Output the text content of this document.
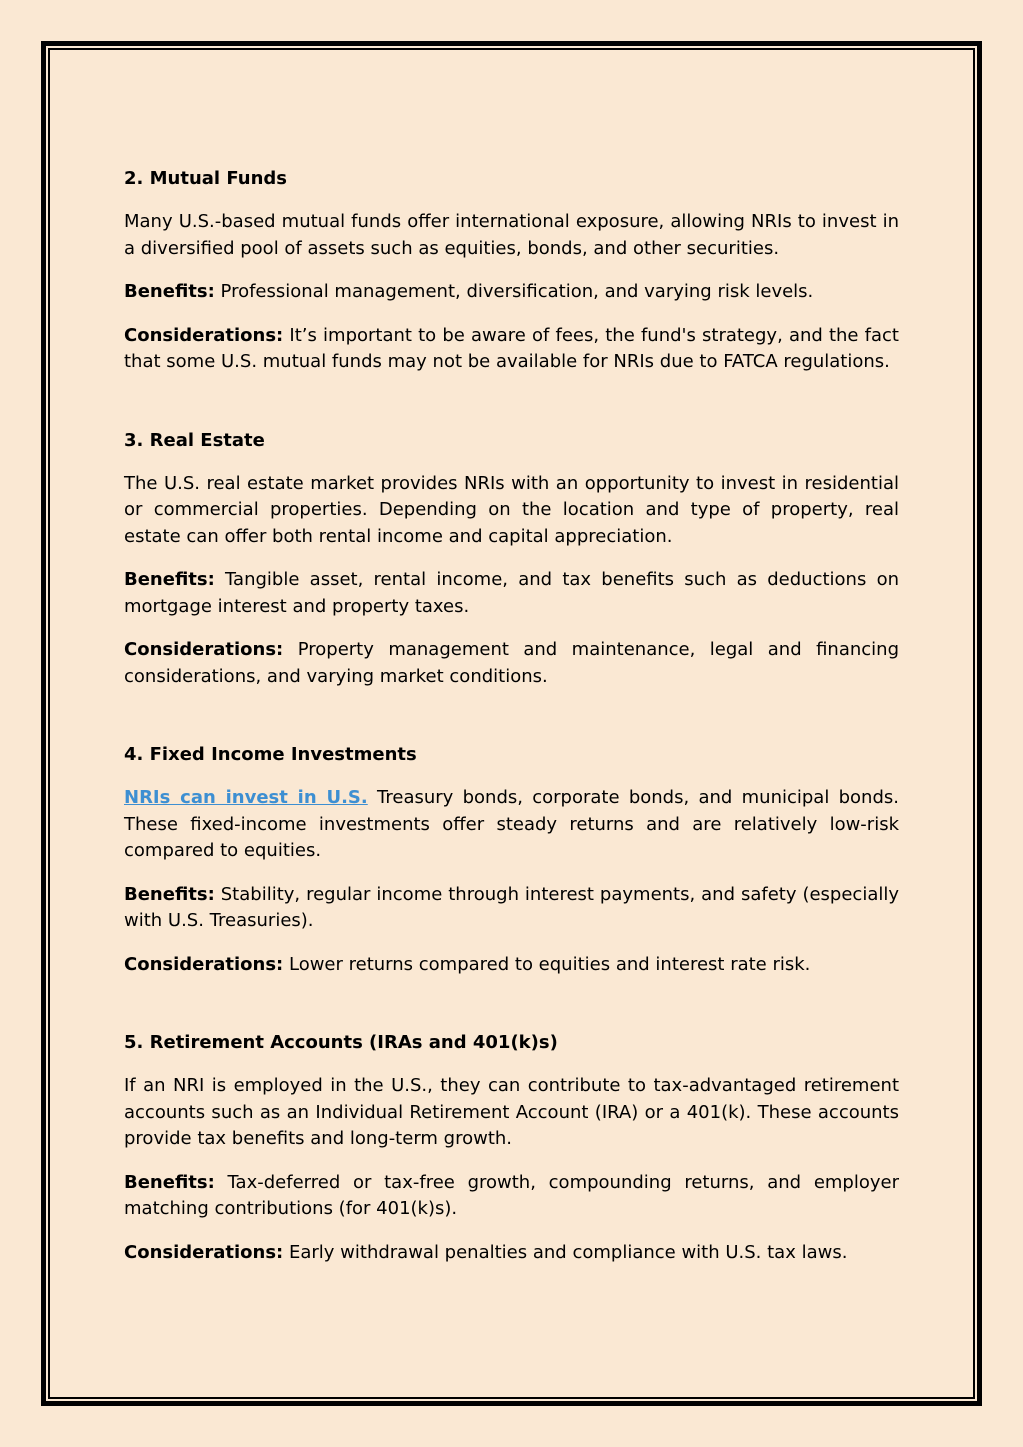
2. Mutual Funds

Many U.S.-based mutual funds offer international exposure, allowing NRIs to invest in a diversified pool of assets such as equities, bonds, and other securities.

Benefits: Professional management, diversification, and varying risk levels.

Considerations: It’s important to be aware of fees, the fund's strategy, and the fact that some U.S. mutual funds may not be available for NRIs due to FATCA regulations.

3. Real Estate

The U.S. real estate market provides NRIs with an opportunity to invest in residential or commercial properties. Depending on the location and type of property, real estate can offer both rental income and capital appreciation.

Benefits: Tangible asset, rental income, and tax benefits such as deductions on mortgage interest and property taxes.

Considerations: Property management and maintenance, legal and financing considerations, and varying market conditions.

4. Fixed Income Investments

NRIs can invest in U.S. Treasury bonds, corporate bonds, and municipal bonds. These fixed-income investments offer steady returns and are relatively low-risk compared to equities.

Benefits: Stability, regular income through interest payments, and safety (especially with U.S. Treasuries).

Considerations: Lower returns compared to equities and interest rate risk.

5. Retirement Accounts (IRAs and 401(k)s)

If an NRI is employed in the U.S., they can contribute to tax-advantaged retirement accounts such as an Individual Retirement Account (IRA) or a 401(k). These accounts provide tax benefits and long-term growth.

Benefits: Tax-deferred or tax-free growth, compounding returns, and employer matching contributions (for 401(k)s).

Considerations: Early withdrawal penalties and compliance with U.S. tax laws.
